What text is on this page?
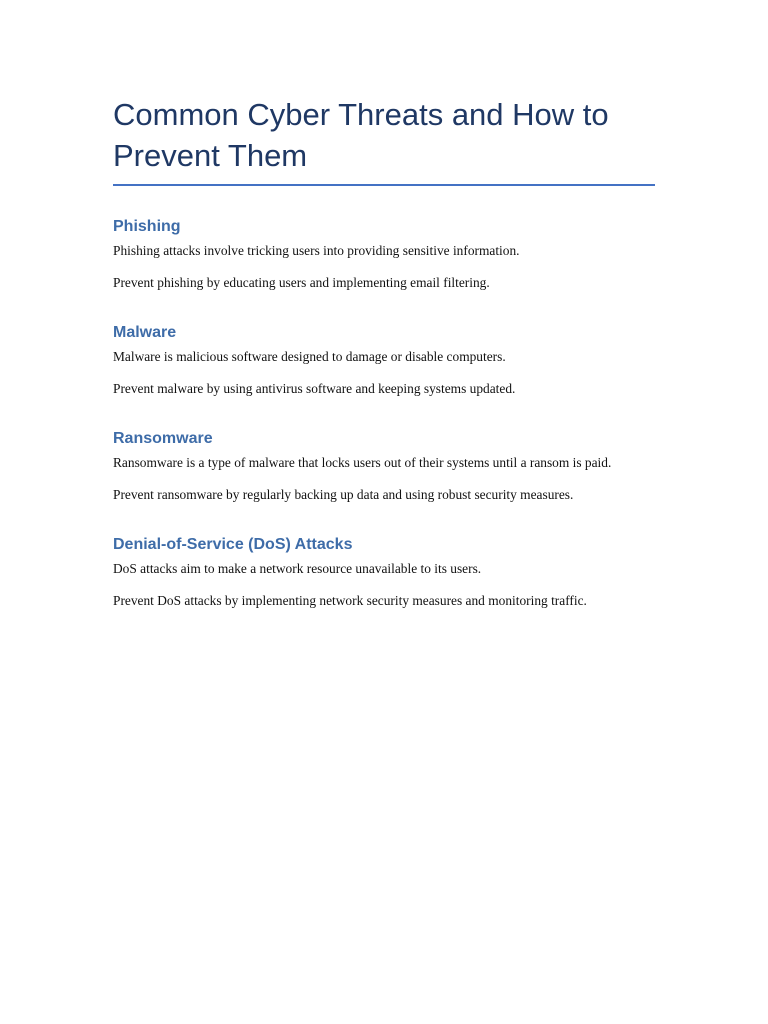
Common Cyber Threats and How to Prevent Them
Phishing

Phishing attacks involve tricking users into providing sensitive information.

Prevent phishing by educating users and implementing email filtering.

Malware

Malware is malicious software designed to damage or disable computers.

Prevent malware by using antivirus software and keeping systems updated.

Ransomware

Ransomware is a type of malware that locks users out of their systems until a ransom is paid.

Prevent ransomware by regularly backing up data and using robust security measures.

Denial-of-Service (DoS) Attacks

DoS attacks aim to make a network resource unavailable to its users.

Prevent DoS attacks by implementing network security measures and monitoring traffic.
